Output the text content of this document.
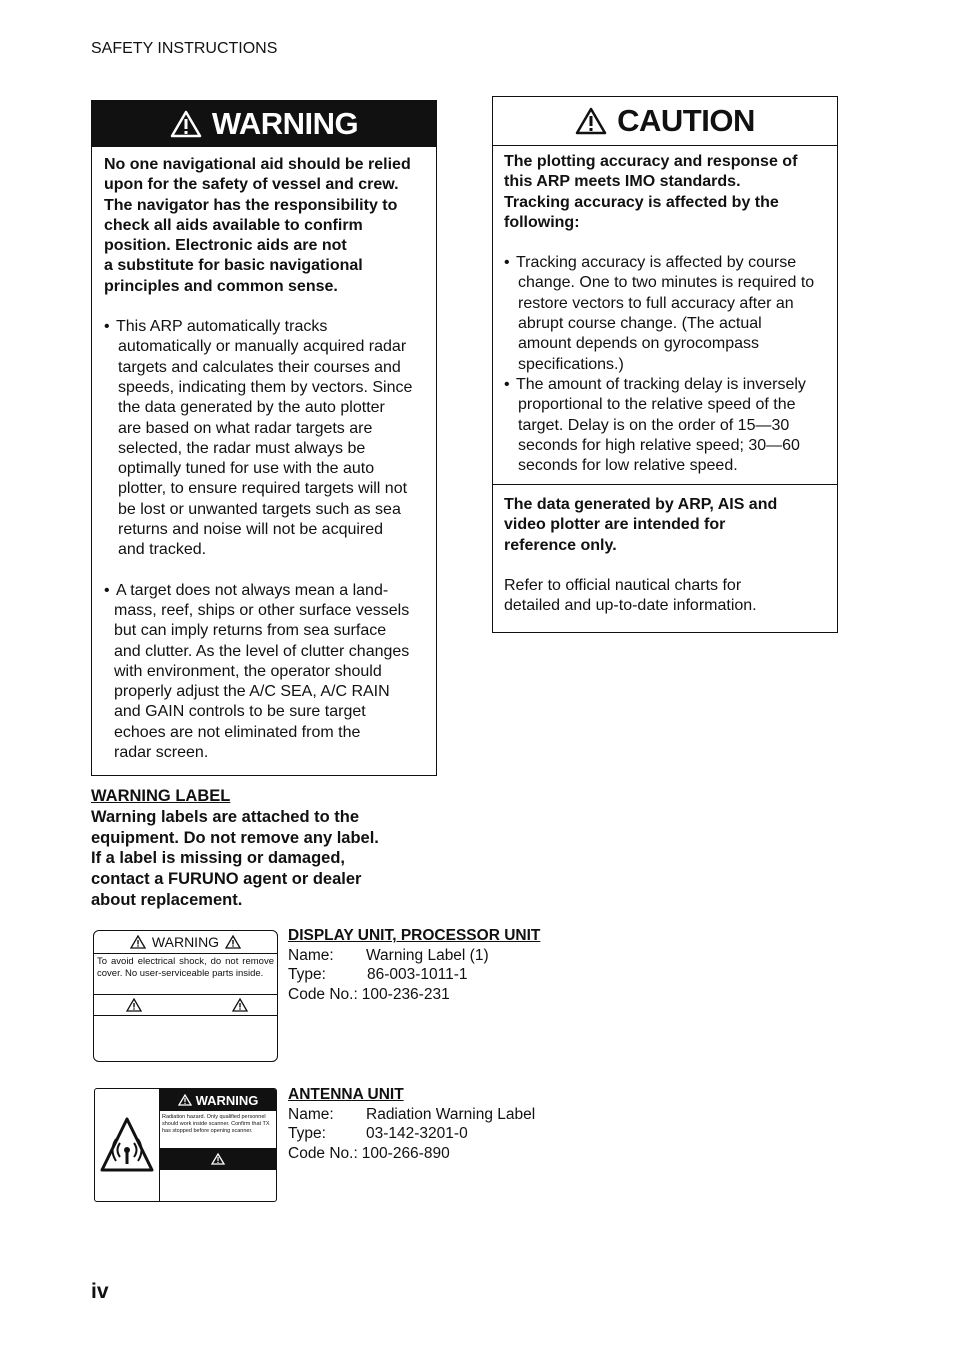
SAFETY INSTRUCTIONS
WARNING
No one navigational aid should be relied
upon for the safety of vessel and crew.
The navigator has the responsibility to
check all aids available to confirm
position. Electronic aids are not
a substitute for basic navigational
principles and common sense.
• This ARP automatically tracks
automatically or manually acquired radar
targets and calculates their courses and
speeds, indicating them by vectors. Since
the data generated by the auto plotter
are based on what radar targets are
selected, the radar must always be
optimally tuned for use with the auto
plotter, to ensure required targets will not
be lost or unwanted targets such as sea
returns and noise will not be acquired
and tracked.
• A target does not always mean a land-
mass, reef, ships or other surface vessels
but can imply returns from sea surface
and clutter. As the level of clutter changes
with environment, the operator should
properly adjust the A/C SEA, A/C RAIN
and GAIN controls to be sure target
echoes are not eliminated from the
radar screen.
CAUTION
The plotting accuracy and response of
this ARP meets IMO standards.
Tracking accuracy is affected by the
following:
• Tracking accuracy is affected by course
change. One to two minutes is required to
restore vectors to full accuracy after an
abrupt course change. (The actual
amount depends on gyrocompass
specifications.)
• The amount of tracking delay is inversely
proportional to the relative speed of the
target. Delay is on the order of 15—30
seconds for high relative speed; 30—60
seconds for low relative speed.
The data generated by ARP, AIS and
video plotter are intended for
reference only.
Refer to official nautical charts for
detailed and up-to-date information.
WARNING LABEL
Warning labels are attached to the
equipment. Do not remove any label.
If a label is missing or damaged,
contact a FURUNO agent or dealer
about replacement.
WARNING
To avoid electrical shock, do not remove cover. No user-serviceable parts inside.
DISPLAY UNIT, PROCESSOR UNIT
Name:	Warning Label (1)
Type:	86-003-1011-1
Code No.: 100-236-231
WARNING
Radiation hazard. Only qualified personnel should work inside scanner. Confirm that TX has stopped before opening scanner.
ANTENNA UNIT
Name:	Radiation Warning Label
Type:	03-142-3201-0
Code No.: 100-266-890
iv
